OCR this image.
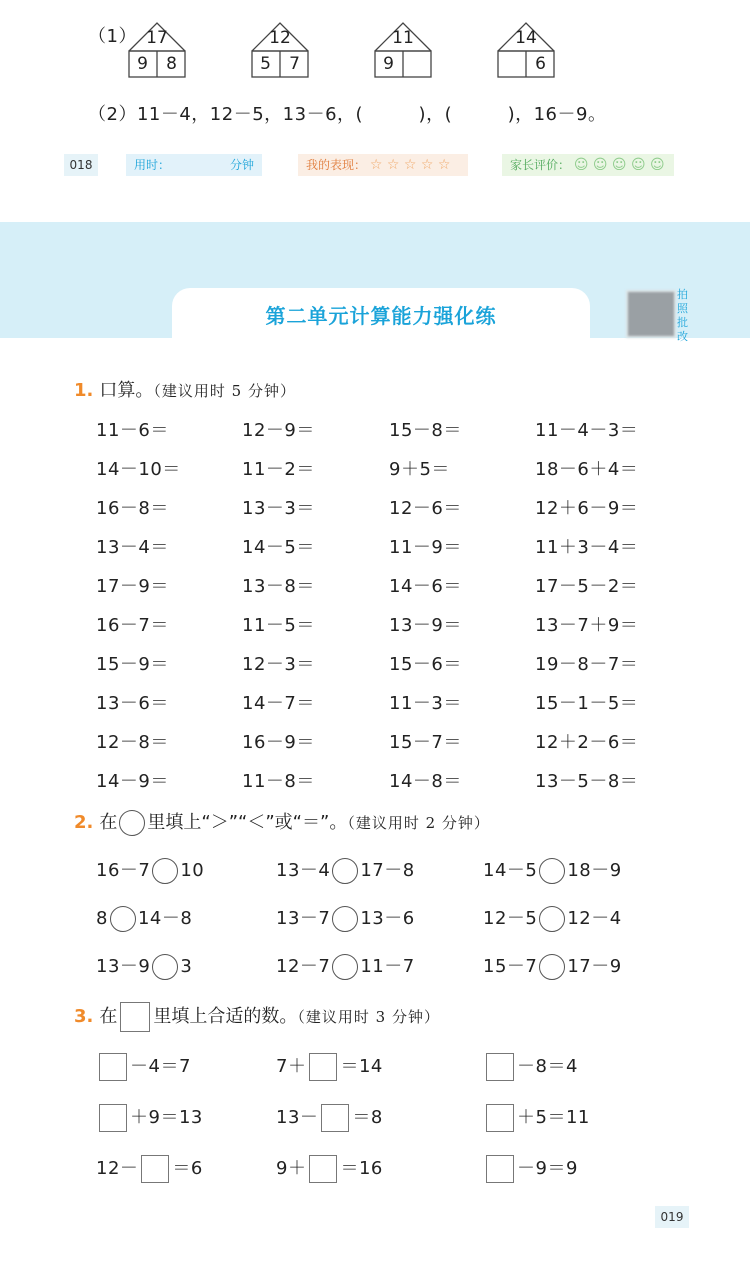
（1） 17
9	8
12
5	7
11
9
14
6
（2）11－4，12－5，13－6，(　　　)，(　　　)，16－9。
018	用时：	分钟	我的表现： ☆ ☆ ☆ ☆ ☆	家长评价： ☺ ☺ ☺ ☺ ☺
第二单元计算能力强化练
拍照批改
1. 口算。（建议用时 5 分钟）
11－6＝	12－9＝	15－8＝	11－4－3＝
14－10＝	11－2＝	9＋5＝	18－6＋4＝
16－8＝	13－3＝	12－6＝	12＋6－9＝
13－4＝	14－5＝	11－9＝	11＋3－4＝
17－9＝	13－8＝	14－6＝	17－5－2＝
16－7＝	11－5＝	13－9＝	13－7＋9＝
15－9＝	12－3＝	15－6＝	19－8－7＝
13－6＝	14－7＝	11－3＝	15－1－5＝
12－8＝	16－9＝	15－7＝	12＋2－6＝
14－9＝	11－8＝	14－8＝	13－5－8＝
2. 在 里填上“＞”“＜”或“＝”。（建议用时 2 分钟）
16－7 10	13－4 17－8	14－5 18－9
8 14－8	13－7 13－6	12－5 12－4
13－9 3	12－7 11－7	15－7 17－9
3. 在 里填上合适的数。（建议用时 3 分钟）
－4＝7	7＋ ＝14	－8＝4
＋9＝13	13－ ＝8	＋5＝11
12－ ＝6	9＋ ＝16	－9＝9
019
